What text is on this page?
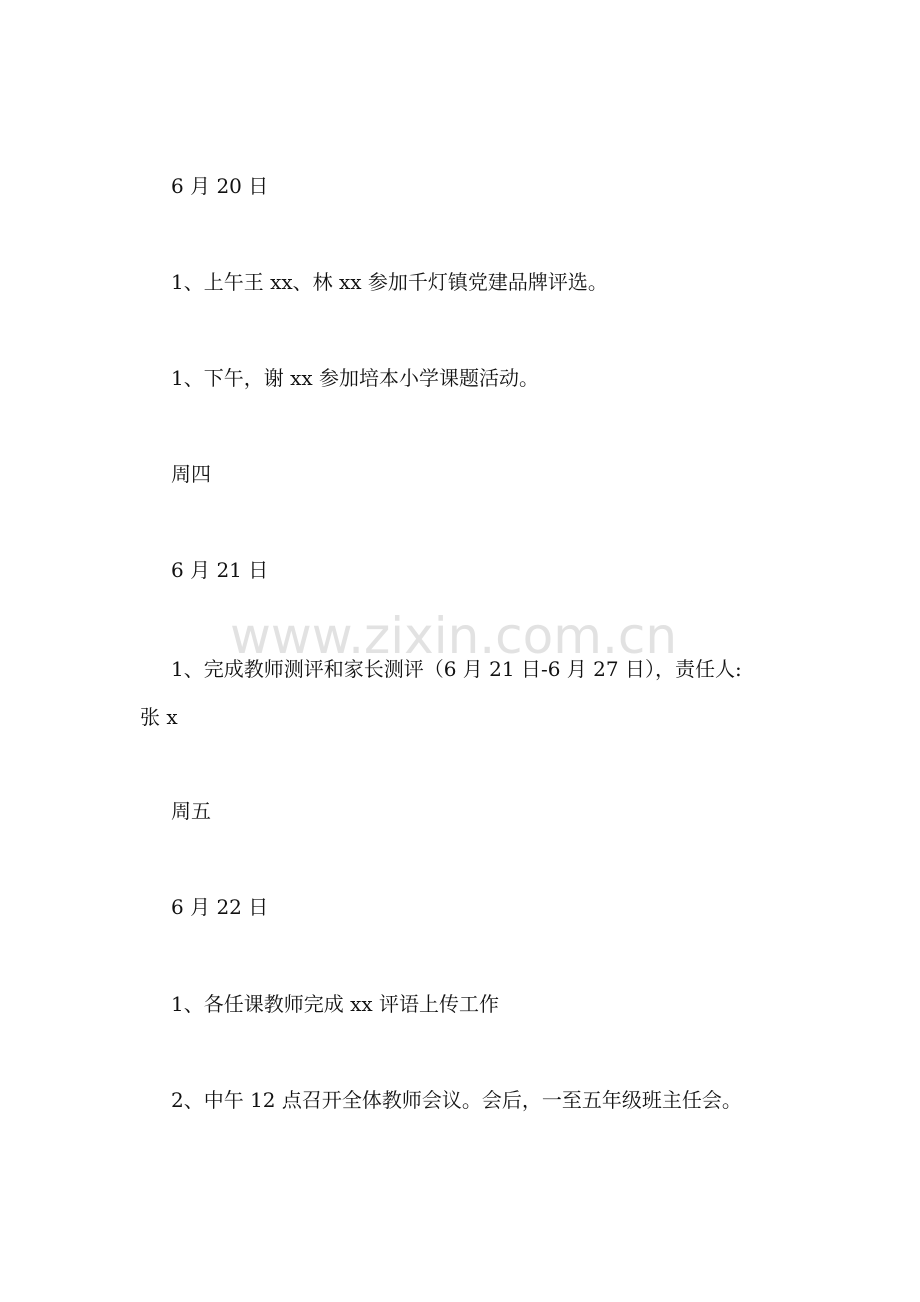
www.zixin.com.cn

6 月 20 日

1、上午王 xx、林 xx 参加千灯镇党建品牌评选。

1、下午，谢 xx 参加培本小学课题活动。

周四

6 月 21 日

1、完成教师测评和家长测评（6 月 21 日-6 月 27 日），责任人:

张 x

周五

6 月 22 日

1、各任课教师完成 xx 评语上传工作

2、中午 12 点召开全体教师会议。会后，一至五年级班主任会。
